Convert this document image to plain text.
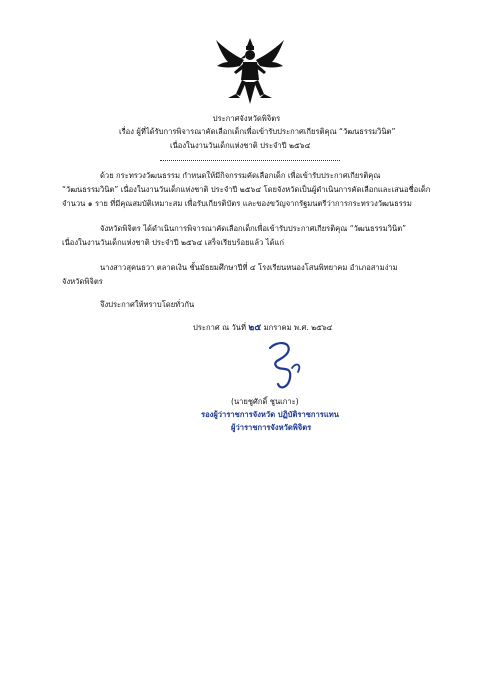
ประกาศจังหวัดพิจิตร
เรื่อง ผู้ที่ได้รับการพิจารณาคัดเลือกเด็กเพื่อเข้ารับประกาศเกียรติคุณ “วัฒนธรรมวินิต”
เนื่องในงานวันเด็กแห่งชาติ ประจำปี ๒๕๖๔
ด้วย กระทรวงวัฒนธรรม กำหนดให้มีกิจกรรมคัดเลือกเด็ก เพื่อเข้ารับประกาศเกียรติคุณ
“วัฒนธรรมวินิต” เนื่องในงานวันเด็กแห่งชาติ ประจำปี ๒๕๖๔ โดยจังหวัดเป็นผู้ดำเนินการคัดเลือกและเสนอชื่อเด็ก
จำนวน ๑ ราย ที่มีคุณสมบัติเหมาะสม เพื่อรับเกียรติบัตร และของขวัญจากรัฐมนตรีว่าการกระทรวงวัฒนธรรม
จังหวัดพิจิตร ได้ดำเนินการพิจารณาคัดเลือกเด็กเพื่อเข้ารับประกาศเกียรติคุณ “วัฒนธรรมวินิต”
เนื่องในงานวันเด็กแห่งชาติ ประจำปี ๒๕๖๔ เสร็จเรียบร้อยแล้ว ได้แก่
นางสาวสุคนธวา ตลาดเงิน ชั้นมัธยมศึกษาปีที่ ๔ โรงเรียนหนองโสนพิทยาคม อำเภอสามง่าม
จังหวัดพิจิตร
จึงประกาศให้ทราบโดยทั่วกัน
ประกาศ ณ วันที่ ๒๕ มกราคม พ.ศ. ๒๕๖๔
(นายชูศักดิ์ ชูนเกาะ)
รองผู้ว่าราชการจังหวัด ปฏิบัติราชการแทน
ผู้ว่าราชการจังหวัดพิจิตร
